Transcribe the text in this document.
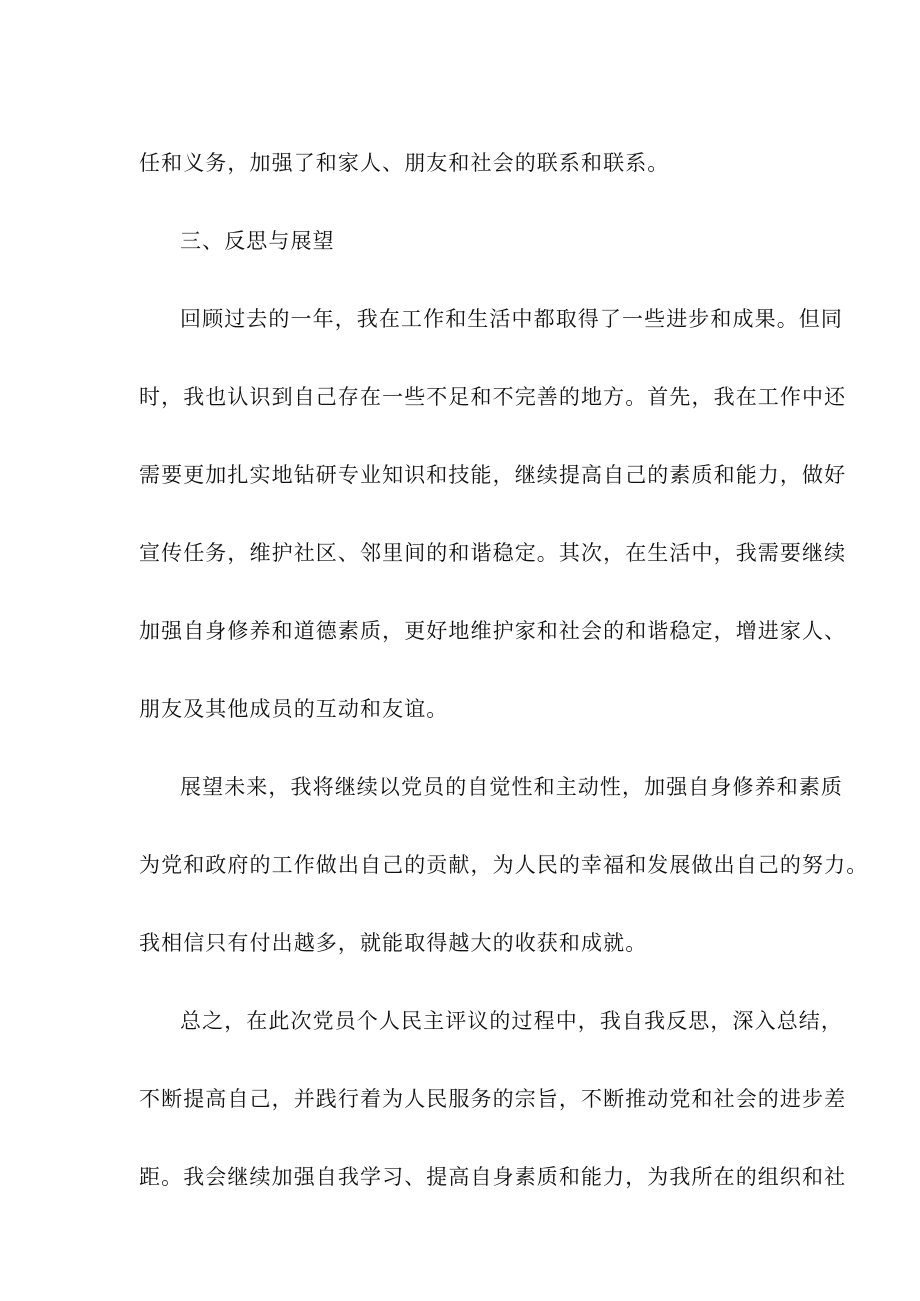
任和义务，加强了和家人、朋友和社会的联系和联系。
三、反思与展望
回顾过去的一年，我在工作和生活中都取得了一些进步和成果。但同
时，我也认识到自己存在一些不足和不完善的地方。首先，我在工作中还
需要更加扎实地钻研专业知识和技能，继续提高自己的素质和能力，做好
宣传任务，维护社区、邻里间的和谐稳定。其次，在生活中，我需要继续
加强自身修养和道德素质，更好地维护家和社会的和谐稳定，增进家人、
朋友及其他成员的互动和友谊。
展望未来，我将继续以党员的自觉性和主动性，加强自身修养和素质
为党和政府的工作做出自己的贡献，为人民的幸福和发展做出自己的努力。
我相信只有付出越多，就能取得越大的收获和成就。
总之，在此次党员个人民主评议的过程中，我自我反思，深入总结，
不断提高自己，并践行着为人民服务的宗旨，不断推动党和社会的进步差
距。我会继续加强自我学习、提高自身素质和能力，为我所在的组织和社
